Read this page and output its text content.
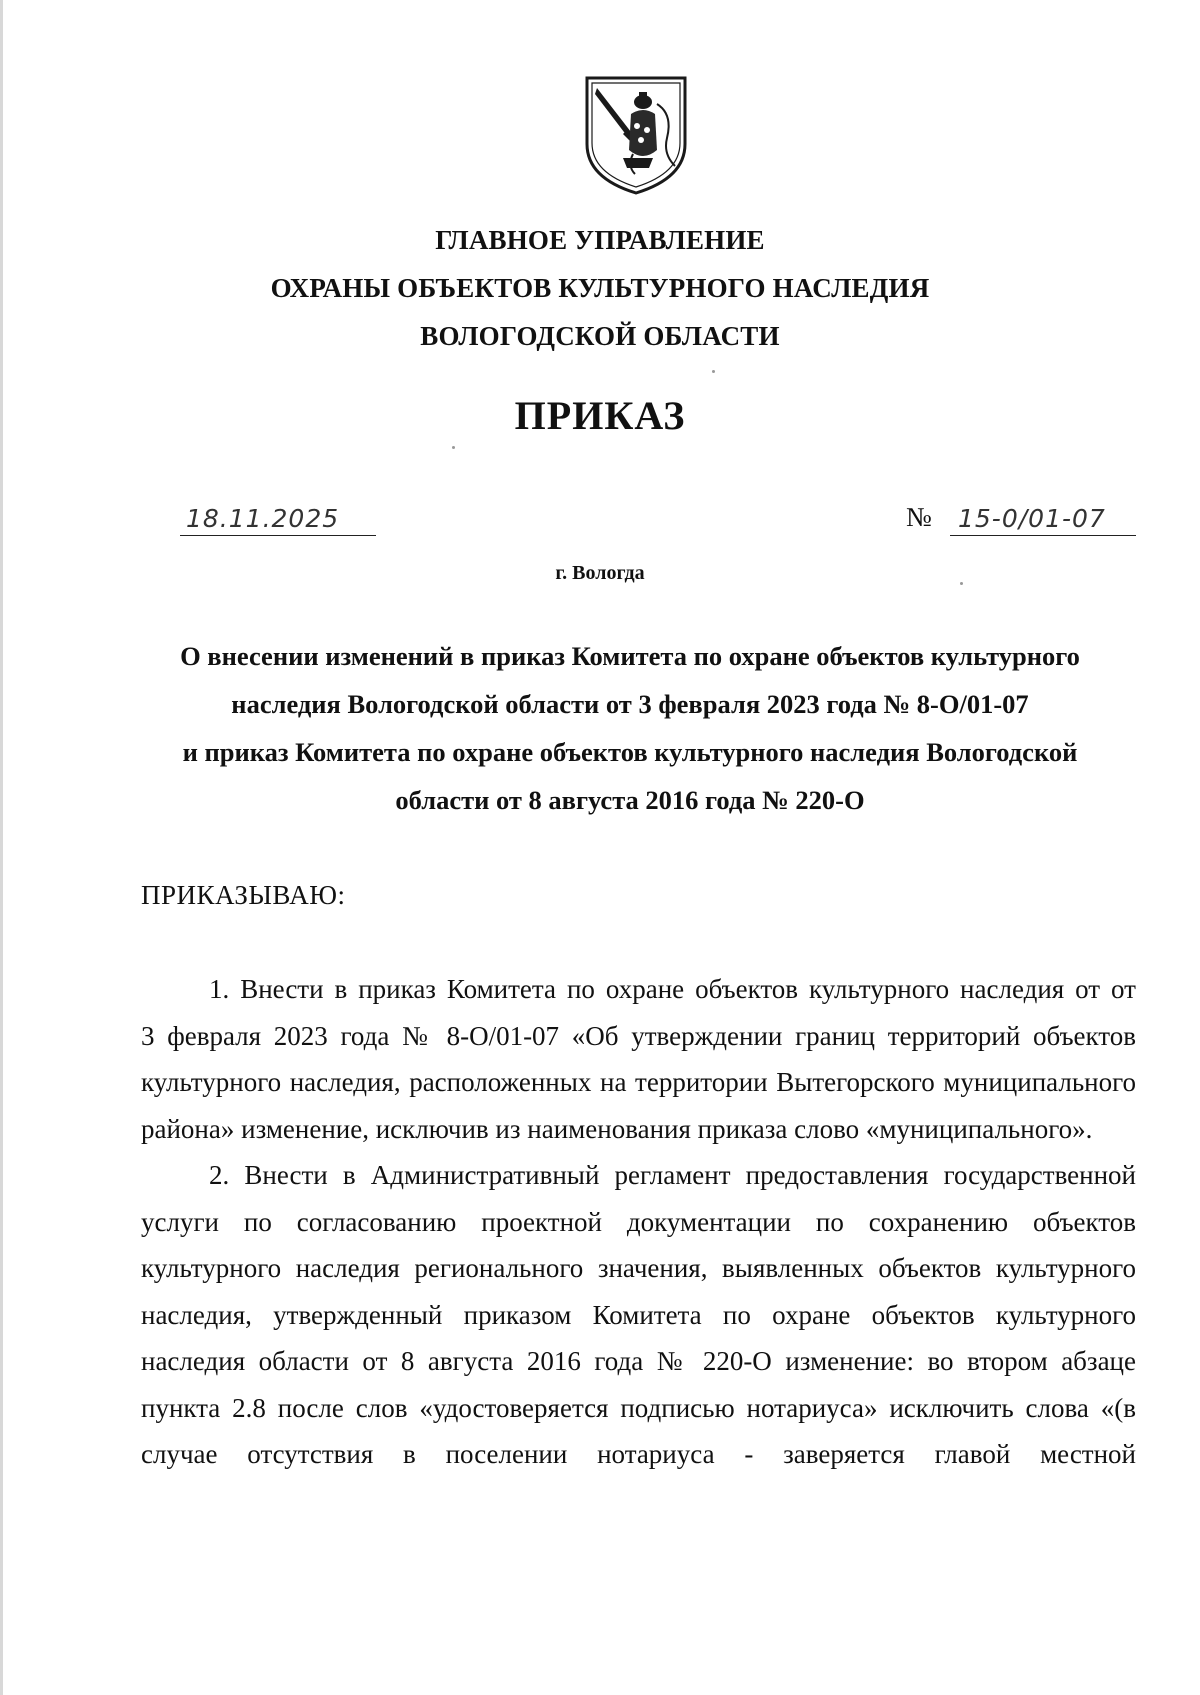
ГЛАВНОЕ УПРАВЛЕНИЕ
ОХРАНЫ ОБЪЕКТОВ КУЛЬТУРНОГО НАСЛЕДИЯ
ВОЛОГОДСКОЙ ОБЛАСТИ
ПРИКАЗ
18.11.2025	№	15-0/01-07
г. Вологда
О внесении изменений в приказ Комитета по охране объектов культурного
наследия Вологодской области от 3 февраля 2023 года № 8-О/01-07
и приказ Комитета по охране объектов культурного наследия Вологодской
области от 8 августа 2016 года № 220-О
ПРИКАЗЫВАЮ:
1. Внести в приказ Комитета по охране объектов культурного наследия от от
3 февраля 2023 года № 8-О/01-07 «Об утверждении границ территорий объектов
культурного наследия, расположенных на территории Вытегорского муниципального
района» изменение, исключив из наименования приказа слово «муниципального».
2. Внести в Административный регламент предоставления государственной
услуги по согласованию проектной документации по сохранению объектов
культурного наследия регионального значения, выявленных объектов культурного
наследия, утвержденный приказом Комитета по охране объектов культурного
наследия области от 8 августа 2016 года № 220-О изменение: во втором абзаце
пункта 2.8 после слов «удостоверяется подписью нотариуса» исключить слова «(в
случае отсутствия в поселении нотариуса - заверяется главой местной
